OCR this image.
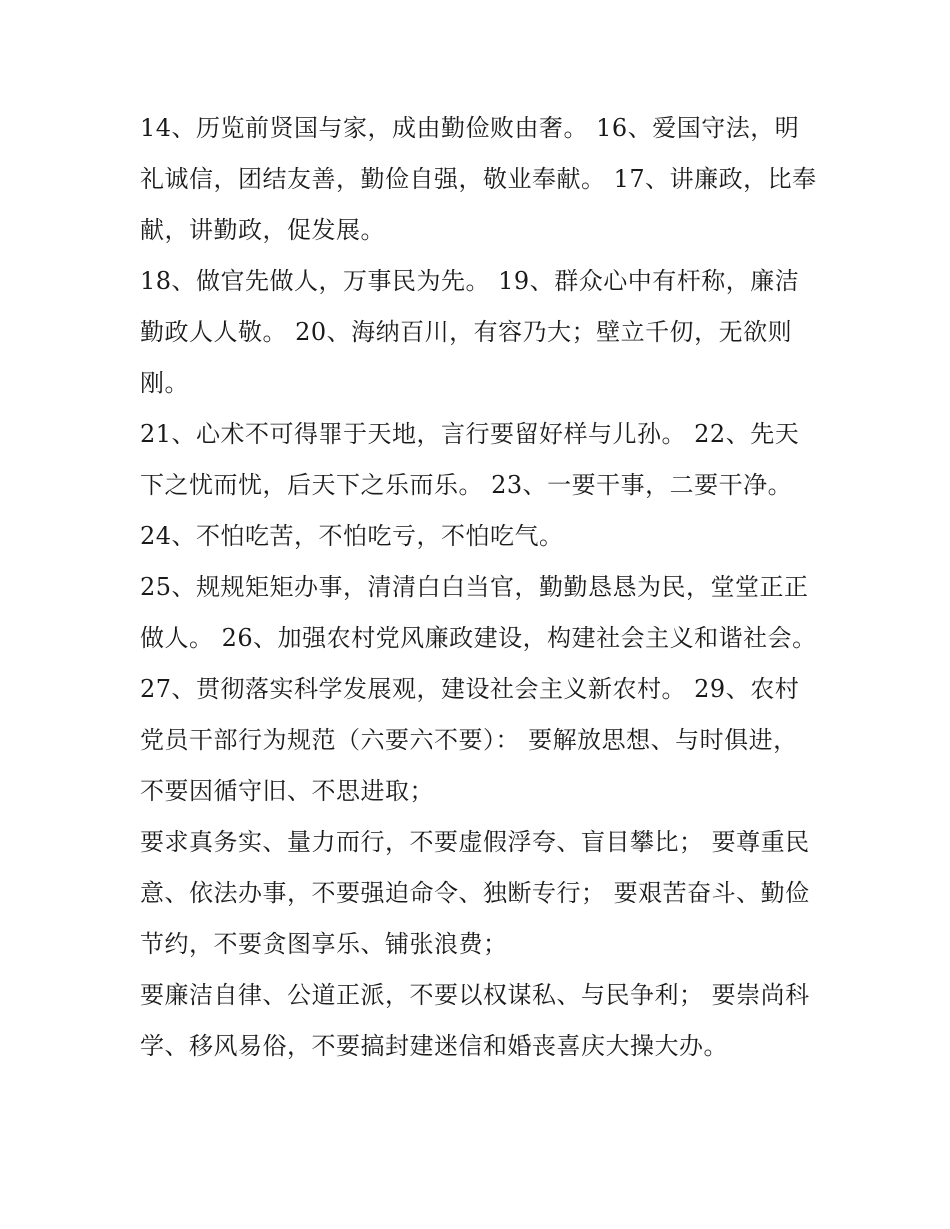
14、历览前贤国与家，成由勤俭败由奢。 16、爱国守法，明礼诚信，团结友善，勤俭自强，敬业奉献。 17、讲廉政，比奉献，讲勤政，促发展。

18、做官先做人，万事民为先。 19、群众心中有杆称，廉洁勤政人人敬。 20、海纳百川，有容乃大；壁立千仞，无欲则刚。

21、心术不可得罪于天地，言行要留好样与儿孙。 22、先天下之忧而忧，后天下之乐而乐。 23、一要干事，二要干净。

24、不怕吃苦，不怕吃亏，不怕吃气。

25、规规矩矩办事，清清白白当官，勤勤恳恳为民，堂堂正正做人。 26、加强农村党风廉政建设，构建社会主义和谐社会。

27、贯彻落实科学发展观，建设社会主义新农村。 29、农村党员干部行为规范（六要六不要）： 要解放思想、与时俱进，不要因循守旧、不思进取；

要求真务实、量力而行，不要虚假浮夸、盲目攀比； 要尊重民意、依法办事，不要强迫命令、独断专行； 要艰苦奋斗、勤俭节约，不要贪图享乐、铺张浪费；

要廉洁自律、公道正派，不要以权谋私、与民争利； 要崇尚科学、移风易俗，不要搞封建迷信和婚丧喜庆大操大办。
